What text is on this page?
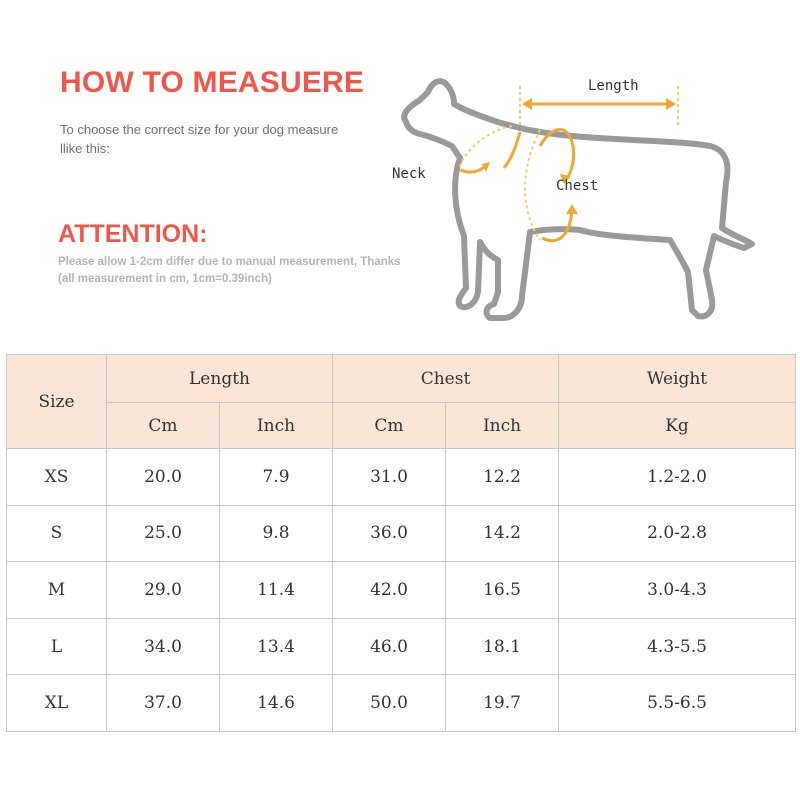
HOW TO MEASUERE
To choose the correct size for your dog measure llike this:
ATTENTION:
Please allow 1-2cm differ due to manual measurement, Thanks (all measurement in cm, 1cm=0.39inch)
Length
Neck
Chest
Size	Length		Chest		Weight
	Cm	Inch	Cm	Inch	Kg
XS	20.0	7.9	31.0	12.2	1.2-2.0
S	25.0	9.8	36.0	14.2	2.0-2.8
M	29.0	11.4	42.0	16.5	3.0-4.3
L	34.0	13.4	46.0	18.1	4.3-5.5
XL	37.0	14.6	50.0	19.7	5.5-6.5
